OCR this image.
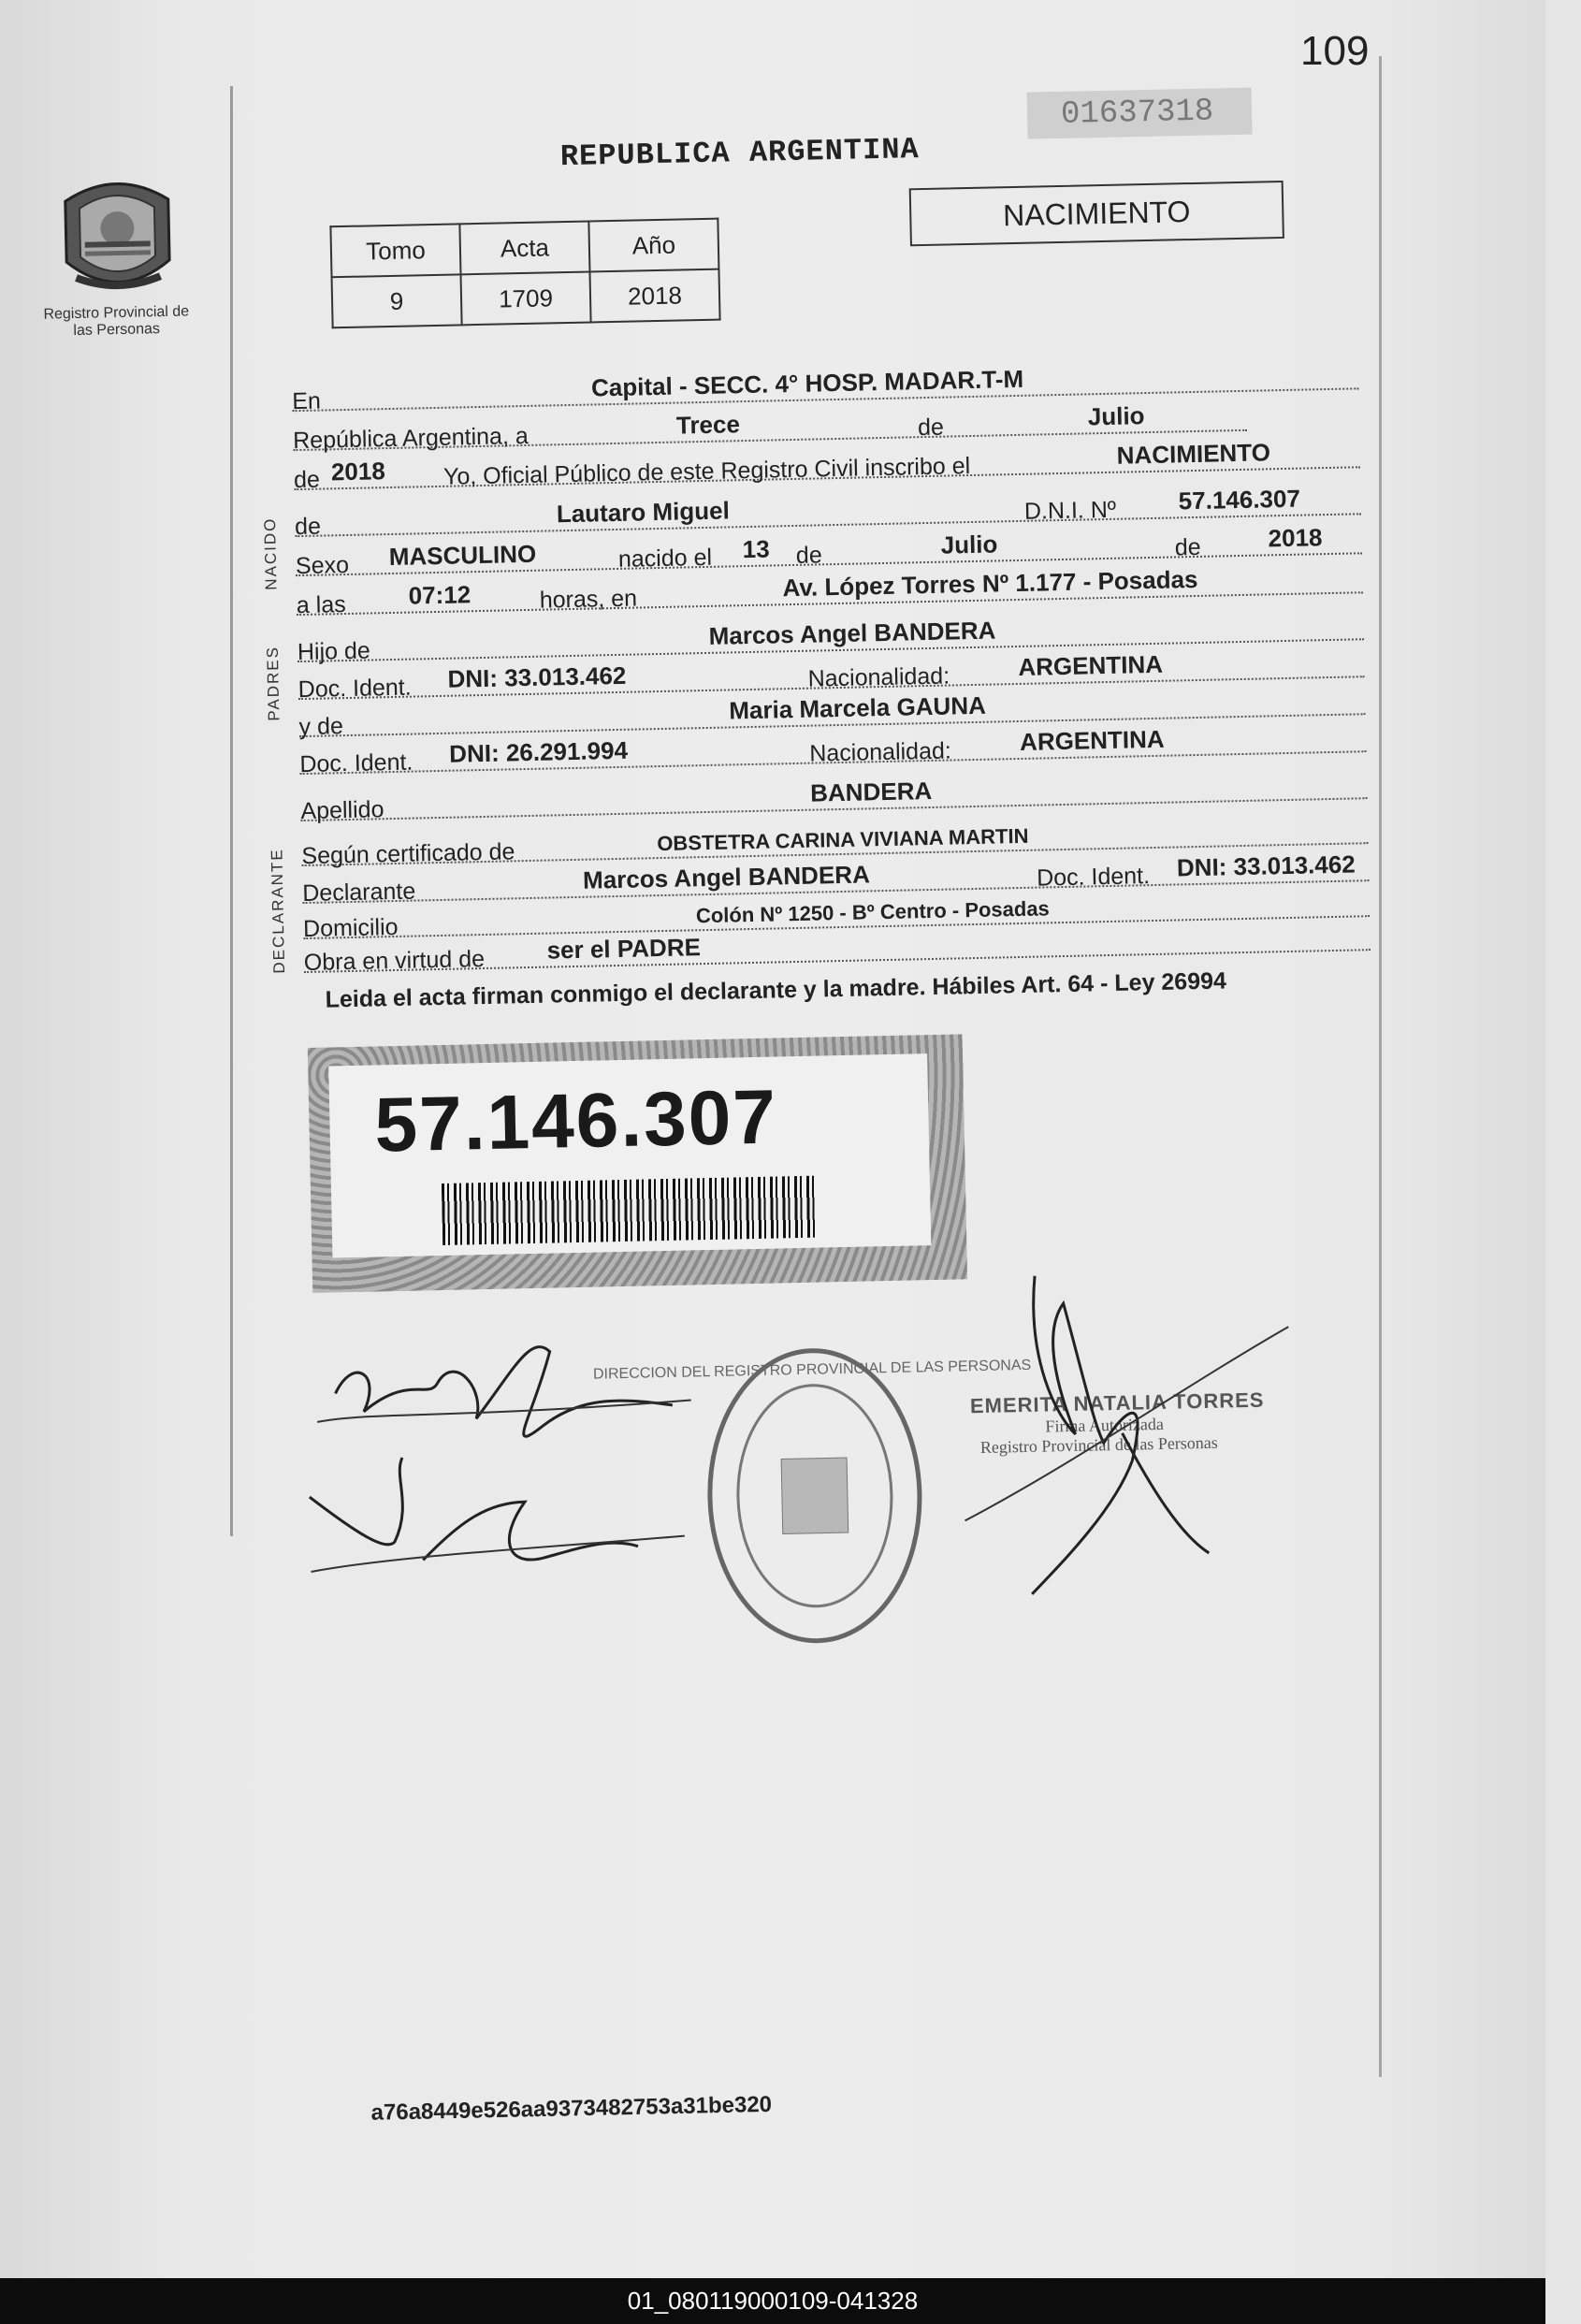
109
Registro Provincial de las Personas
REPUBLICA ARGENTINA
01637318
Tomo	Acta	Año
9	1709	2018
NACIMIENTO
En	Capital - SECC. 4° HOSP. MADAR.T-M
República Argentina, a	Trece	de	Julio
de 2018 Yo, Oficial Público de este Registro Civil inscribo el	NACIMIENTO
NACIDO de	Lautaro Miguel	D.N.I. Nº	57.146.307
Sexo MASCULINO	nacido el 13 de	Julio	de	2018
a las	07:12	horas, en	Av. López Torres Nº 1.177 - Posadas
PADRES Hijo de
Marcos Angel BANDERA
Doc. Ident. DNI: 33.013.462	Nacionalidad:	ARGENTINA
y de
Maria Marcela GAUNA
Doc. Ident. DNI: 26.291.994	Nacionalidad:	ARGENTINA
Apellido
BANDERA
DECLARANTE Según certificado de	OBSTETRA CARINA VIVIANA MARTIN
Declarante	Marcos Angel BANDERA	Doc. Ident. DNI: 33.013.462
Domicilio
Colón Nº 1250 - Bº Centro - Posadas
Obra en virtud de	ser el PADRE
Leida el acta firman conmigo el declarante y la madre. Hábiles Art. 64 - Ley 26994
57.146.307
DIRECCION DEL REGISTRO PROVINCIAL DE LAS PERSONAS
EMERITA NATALIA TORRES
Firma Autorizada
Registro Provincial de las Personas
a76a8449e526aa9373482753a31be320
01_080119000109-041328
